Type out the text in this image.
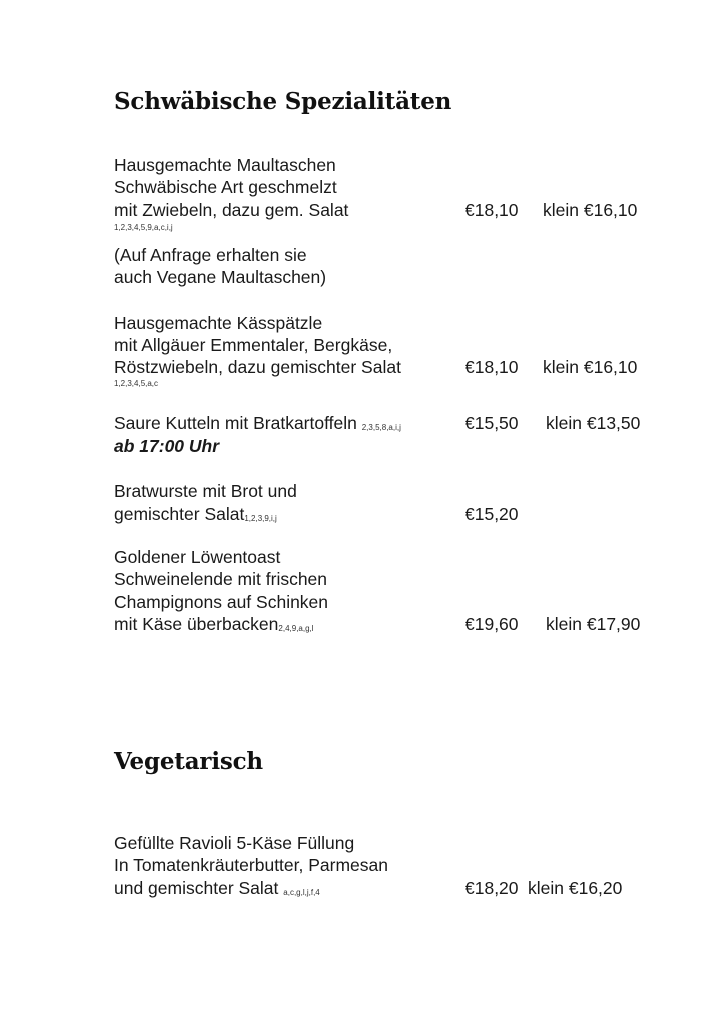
Schwäbische Spezialitäten
Hausgemachte Maultaschen
Schwäbische Art geschmelzt
mit Zwiebeln, dazu gem. Salat	€18,10 klein €16,10
1,2,3,4,5,9,a,c,i,j
(Auf Anfrage erhalten sie
auch Vegane Maultaschen)
Hausgemachte Kässpätzle
mit Allgäuer Emmentaler, Bergkäse,
Röstzwiebeln, dazu gemischter Salat	€18,10 klein €16,10
1,2,3,4,5,a,c
Saure Kutteln mit Bratkartoffeln 2,3,5,8,a,i,j	€15,50 klein €13,50
ab 17:00 Uhr
Bratwurste mit Brot und
gemischter Salat1,2,3,9,i,j	€15,20
Goldener Löwentoast
Schweinelende mit frischen
Champignons auf Schinken
mit Käse überbacken2,4,9,a,g,l	€19,60 klein €17,90
Vegetarisch
Gefüllte Ravioli 5-Käse Füllung
In Tomatenkräuterbutter, Parmesan
und gemischter Salat a,c,g,l,j,f,4	€18,20 klein €16,20
